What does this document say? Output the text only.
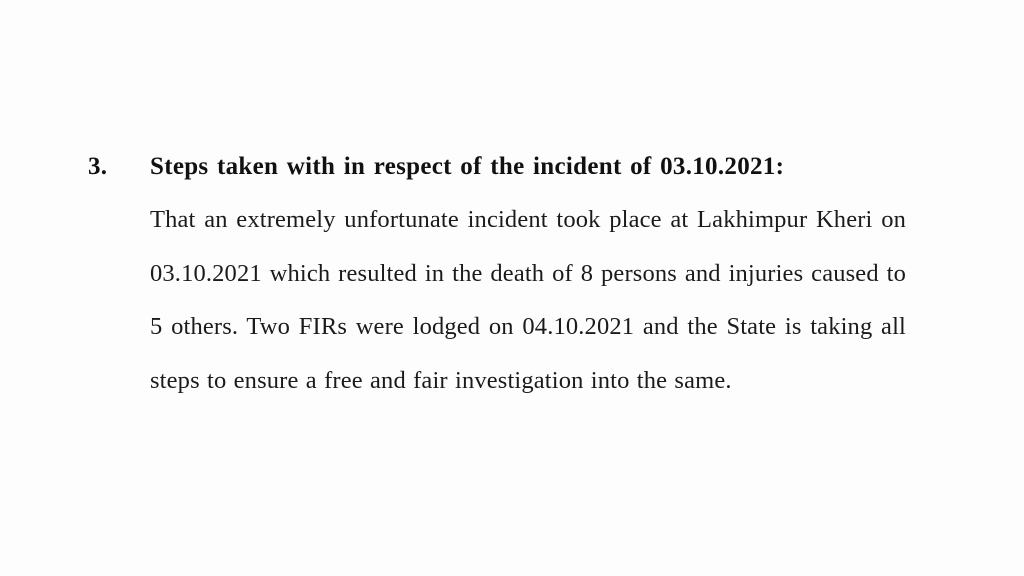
3.	Steps taken with in respect of the incident of 03.10.2021:

That an extremely unfortunate incident took place at Lakhimpur Kheri on 03.10.2021 which resulted in the death of 8 persons and injuries caused to 5 others. Two FIRs were lodged on 04.10.2021 and the State is taking all steps to ensure a free and fair investigation into the same.
